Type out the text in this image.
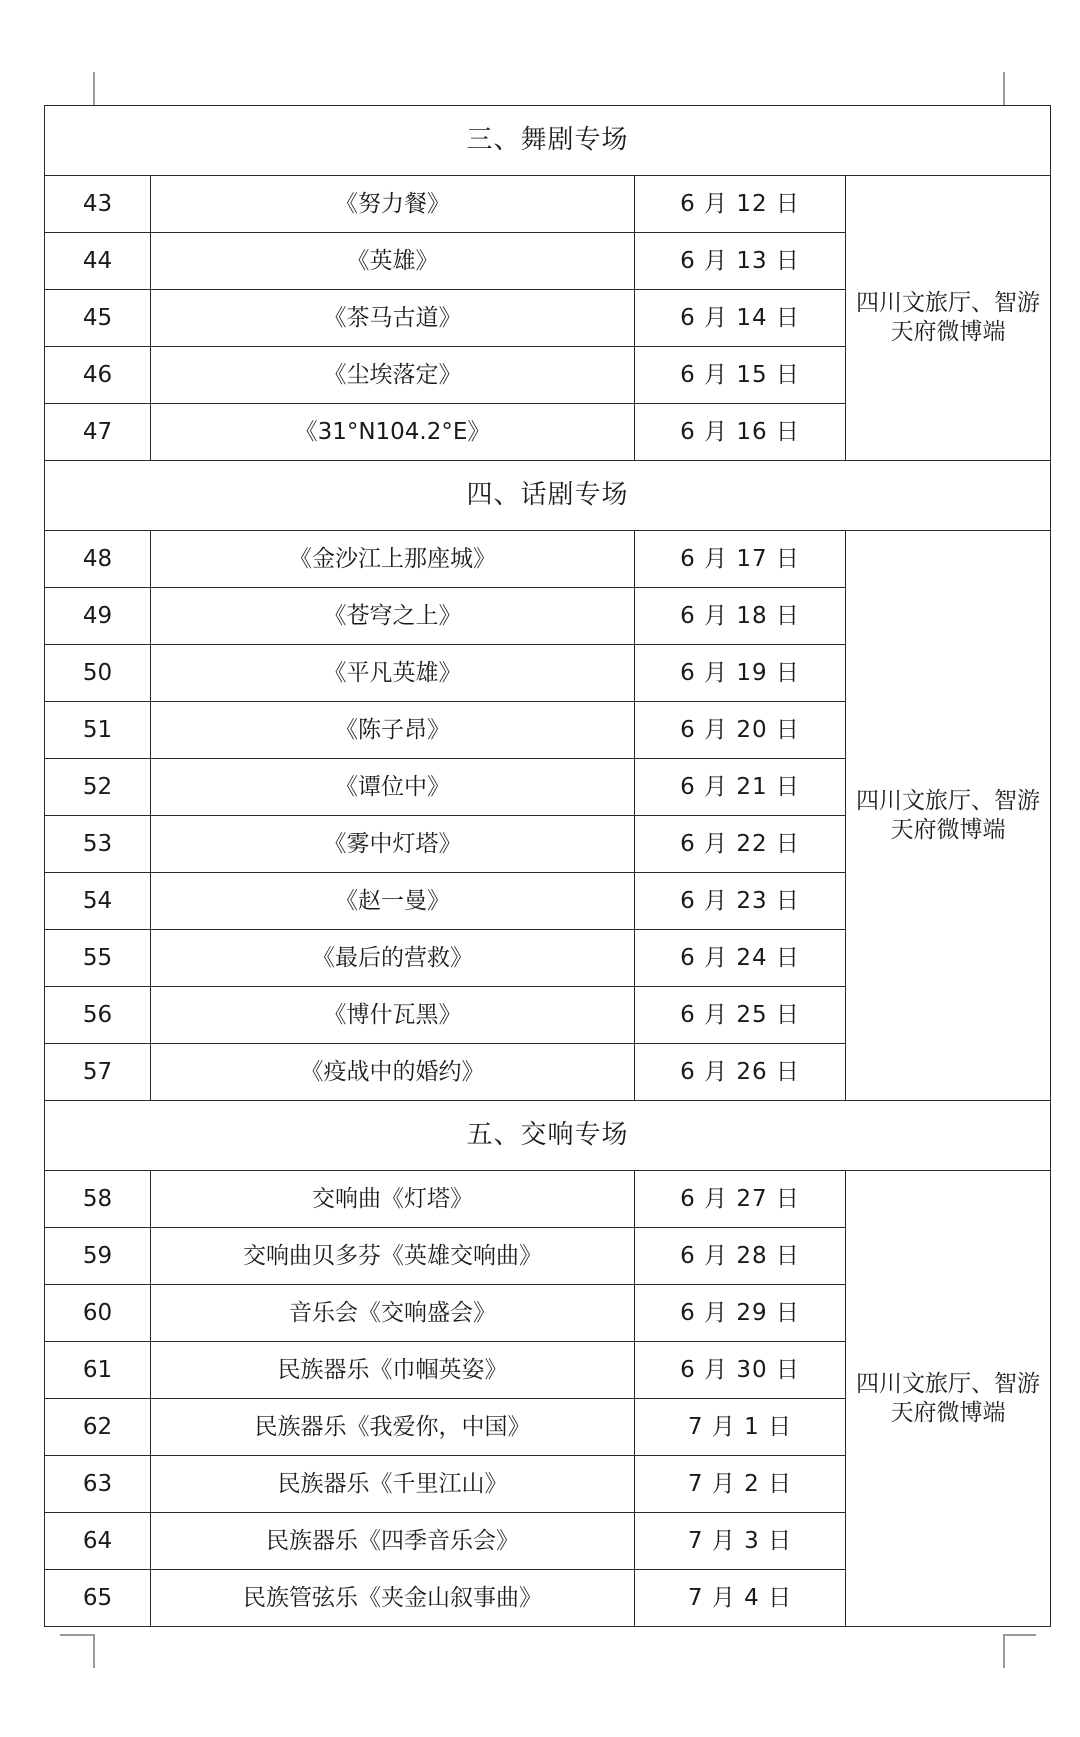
三、舞剧专场			
43	《努力餐》	6 月 12 日	四川文旅厅、智游天府微博端
44	《英雄》	6 月 13 日	
45	《茶马古道》	6 月 14 日	
46	《尘埃落定》	6 月 15 日	
47	《31°N104.2°E》	6 月 16 日	
四、话剧专场			
48	《金沙江上那座城》	6 月 17 日	四川文旅厅、智游天府微博端
49	《苍穹之上》	6 月 18 日	
50	《平凡英雄》	6 月 19 日	
51	《陈子昂》	6 月 20 日	
52	《谭位中》	6 月 21 日	
53	《雾中灯塔》	6 月 22 日	
54	《赵一曼》	6 月 23 日	
55	《最后的营救》	6 月 24 日	
56	《博什瓦黑》	6 月 25 日	
57	《疫战中的婚约》	6 月 26 日	
五、交响专场			
58	交响曲《灯塔》	6 月 27 日	四川文旅厅、智游天府微博端
59	交响曲贝多芬《英雄交响曲》	6 月 28 日	
60	音乐会《交响盛会》	6 月 29 日	
61	民族器乐《巾帼英姿》	6 月 30 日	
62	民族器乐《我爱你，中国》	7 月 1 日	
63	民族器乐《千里江山》	7 月 2 日	
64	民族器乐《四季音乐会》	7 月 3 日	
65	民族管弦乐《夹金山叙事曲》	7 月 4 日	
